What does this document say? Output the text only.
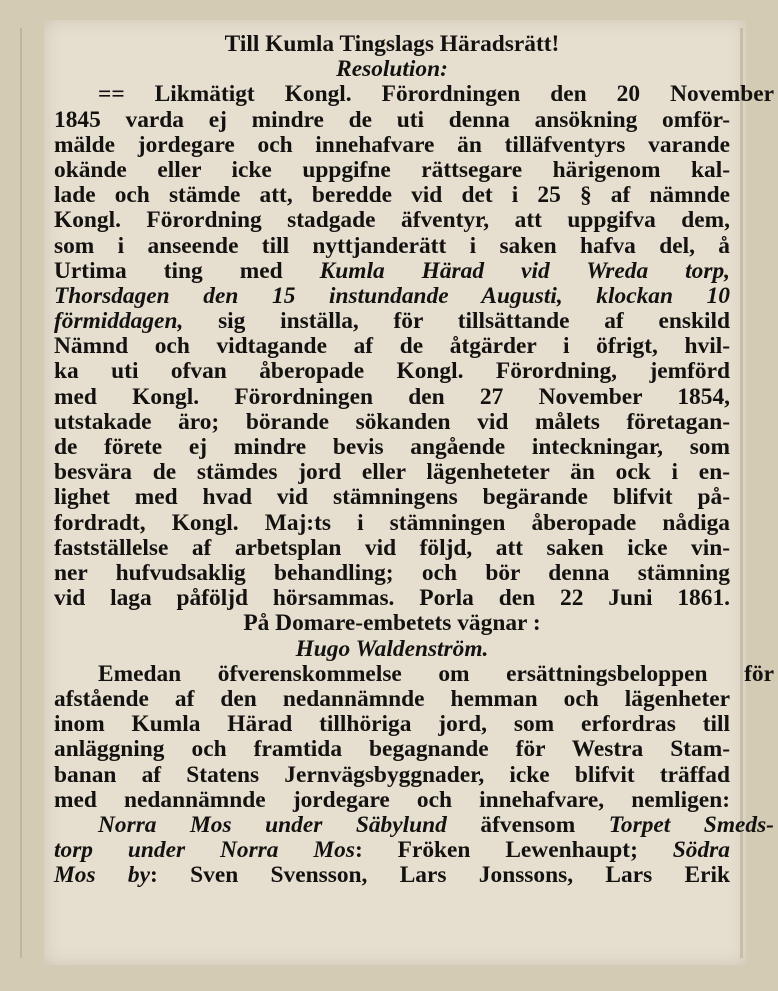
Till Kumla Tingslags Häradsrätt!
Resolution:
== Likmätigt Kongl. Förordningen den 20 November
1845 varda ej mindre de uti denna ansökning omför-
mälde jordegare och innehafvare än tilläfventyrs varande
okände eller icke uppgifne rättsegare härigenom kal-
lade och stämde att, beredde vid det i 25 § af nämnde
Kongl. Förordning stadgade äfventyr, att uppgifva dem,
som i anseende till nyttjanderätt i saken hafva del, å
Urtima ting med Kumla Härad vid Wreda torp,
Thorsdagen den 15 instundande Augusti, klockan 10
förmiddagen, sig inställa, för tillsättande af enskild
Nämnd och vidtagande af de åtgärder i öfrigt, hvil-
ka uti ofvan åberopade Kongl. Förordning, jemförd
med Kongl. Förordningen den 27 November 1854,
utstakade äro; börande sökanden vid målets företagan-
de förete ej mindre bevis angående inteckningar, som
besvära de stämdes jord eller lägenheteter än ock i en-
lighet med hvad vid stämningens begärande blifvit på-
fordradt, Kongl. Maj:ts i stämningen åberopade nådiga
fastställelse af arbetsplan vid följd, att saken icke vin-
ner hufvudsaklig behandling; och bör denna stämning
vid laga påföljd hörsammas. Porla den 22 Juni 1861.
På Domare-embetets vägnar :
Hugo Waldenström.
Emedan öfverenskommelse om ersättningsbeloppen för
afstående af den nedannämnde hemman och lägenheter
inom Kumla Härad tillhöriga jord, som erfordras till
anläggning och framtida begagnande för Westra Stam-
banan af Statens Jernvägsbyggnader, icke blifvit träffad
med nedannämnde jordegare och innehafvare, nemligen:
Norra Mos under Säbylund äfvensom Torpet Smeds-
torp under Norra Mos: Fröken Lewenhaupt; Södra
Mos by: Sven Svensson, Lars Jonssons, Lars Erik
